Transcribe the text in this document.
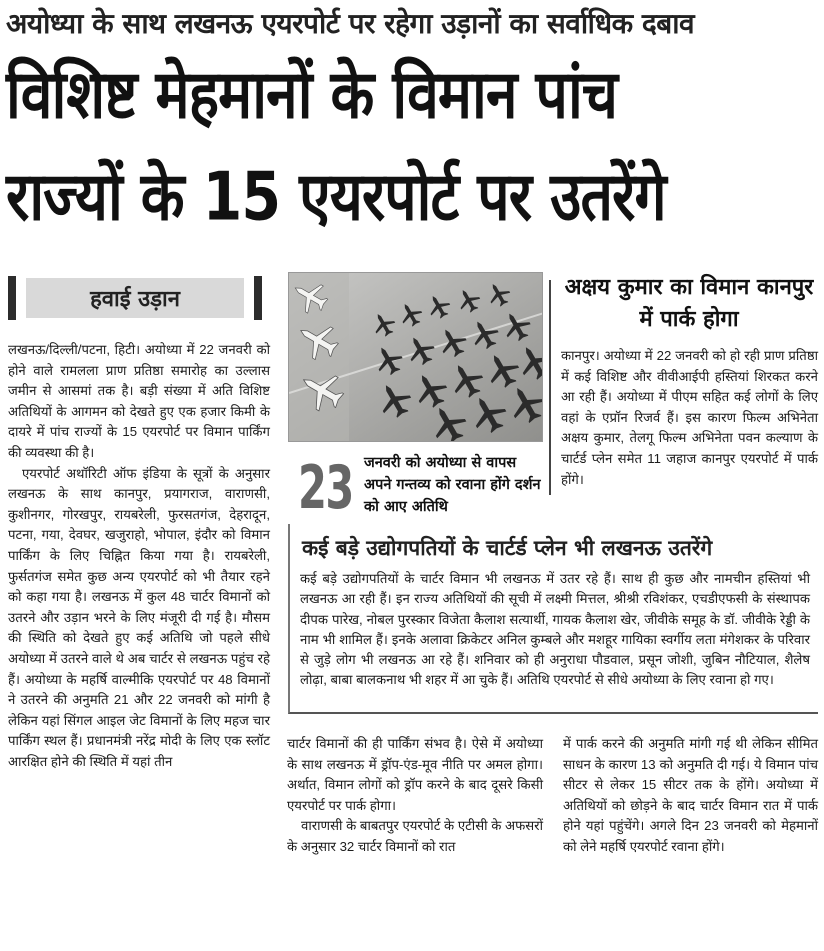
अयोध्या के साथ लखनऊ एयरपोर्ट पर रहेगा उड़ानों का सर्वाधिक दबाव
विशिष्ट मेहमानों के विमान पांच
राज्यों के 15 एयरपोर्ट पर उतरेंगे
हवाई उड़ान

लखनऊ/दिल्ली/पटना, हिटी। अयोध्या में 22 जनवरी को होने वाले रामलला प्राण प्रतिष्ठा समारोह का उल्लास जमीन से आसमां तक है। बड़ी संख्या में अति विशिष्ट अतिथियों के आगमन को देखते हुए एक हजार किमी के दायरे में पांच राज्यों के 15 एयरपोर्ट पर विमान पार्किंग की व्यवस्था की है।

एयरपोर्ट अथॉरिटी ऑफ इंडिया के सूत्रों के अनुसार लखनऊ के साथ कानपुर, प्रयागराज, वाराणसी, कुशीनगर, गोरखपुर, रायबरेली, फुरसतगंज, देहरादून, पटना, गया, देवघर, खजुराहो, भोपाल, इंदौर को विमान पार्किंग के लिए चिह्नित किया गया है। रायबरेली, फुर्सतगंज समेत कुछ अन्य एयरपोर्ट को भी तैयार रहने को कहा गया है। लखनऊ में कुल 48 चार्टर विमानों को उतरने और उड़ान भरने के लिए मंजूरी दी गई है। मौसम की स्थिति को देखते हुए कई अतिथि जो पहले सीधे अयोध्या में उतरने वाले थे अब चार्टर से लखनऊ पहुंच रहे हैं। अयोध्या के महर्षि वाल्मीकि एयरपोर्ट पर 48 विमानों ने उतरने की अनुमति 21 और 22 जनवरी को मांगी है लेकिन यहां सिंगल आइल जेट विमानों के लिए महज चार पार्किंग स्थल हैं। प्रधानमंत्री नरेंद्र मोदी के लिए एक स्लॉट आरक्षित होने की स्थिति में यहां तीन

23 जनवरी को अयोध्या से वापस अपने गन्तव्य को रवाना होंगे दर्शन को आए अतिथि
अक्षय कुमार का विमान कानपुर में पार्क होगा

कानपुर। अयोध्या में 22 जनवरी को हो रही प्राण प्रतिष्ठा में कई विशिष्ट और वीवीआईपी हस्तियां शिरकत करने आ रही हैं। अयोध्या में पीएम सहित कई लोगों के लिए वहां के एप्रॉन रिजर्व हैं। इस कारण फिल्म अभिनेता अक्षय कुमार, तेलगू फिल्म अभिनेता पवन कल्याण के चार्टर्ड प्लेन समेत 11 जहाज कानपुर एयरपोर्ट में पार्क होंगे।

कई बड़े उद्योगपतियों के चार्टर्ड प्लेन भी लखनऊ उतरेंगे

कई बड़े उद्योगपतियों के चार्टर विमान भी लखनऊ में उतर रहे हैं। साथ ही कुछ और नामचीन हस्तियां भी लखनऊ आ रही हैं। इन राज्य अतिथियों की सूची में लक्ष्मी मित्तल, श्रीश्री रविशंकर, एचडीएफसी के संस्थापक दीपक पारेख, नोबल पुरस्कार विजेता कैलाश सत्यार्थी, गायक कैलाश खेर, जीवीके समूह के डॉ. जीवीके रेड्डी के नाम भी शामिल हैं। इनके अलावा क्रिकेटर अनिल कुम्बले और मशहूर गायिका स्वर्गीय लता मंगेशकर के परिवार से जुड़े लोग भी लखनऊ आ रहे हैं। शनिवार को ही अनुराधा पौडवाल, प्रसून जोशी, जुबिन नौटियाल, शैलेष लोढ़ा, बाबा बालकनाथ भी शहर में आ चुके हैं। अतिथि एयरपोर्ट से सीधे अयोध्या के लिए रवाना हो गए।

चार्टर विमानों की ही पार्किंग संभव है। ऐसे में अयोध्या के साथ लखनऊ में ड्रॉप-एंड-मूव नीति पर अमल होगा। अर्थात, विमान लोगों को ड्रॉप करने के बाद दूसरे किसी एयरपोर्ट पर पार्क होगा।

वाराणसी के बाबतपुर एयरपोर्ट के एटीसी के अफसरों के अनुसार 32 चार्टर विमानों को रात

में पार्क करने की अनुमति मांगी गई थी लेकिन सीमित साधन के कारण 13 को अनुमति दी गई। ये विमान पांच सीटर से लेकर 15 सीटर तक के होंगे। अयोध्या में अतिथियों को छोड़ने के बाद चार्टर विमान रात में पार्क होने यहां पहुंचेंगे। अगले दिन 23 जनवरी को मेहमानों को लेने महर्षि एयरपोर्ट रवाना होंगे।
